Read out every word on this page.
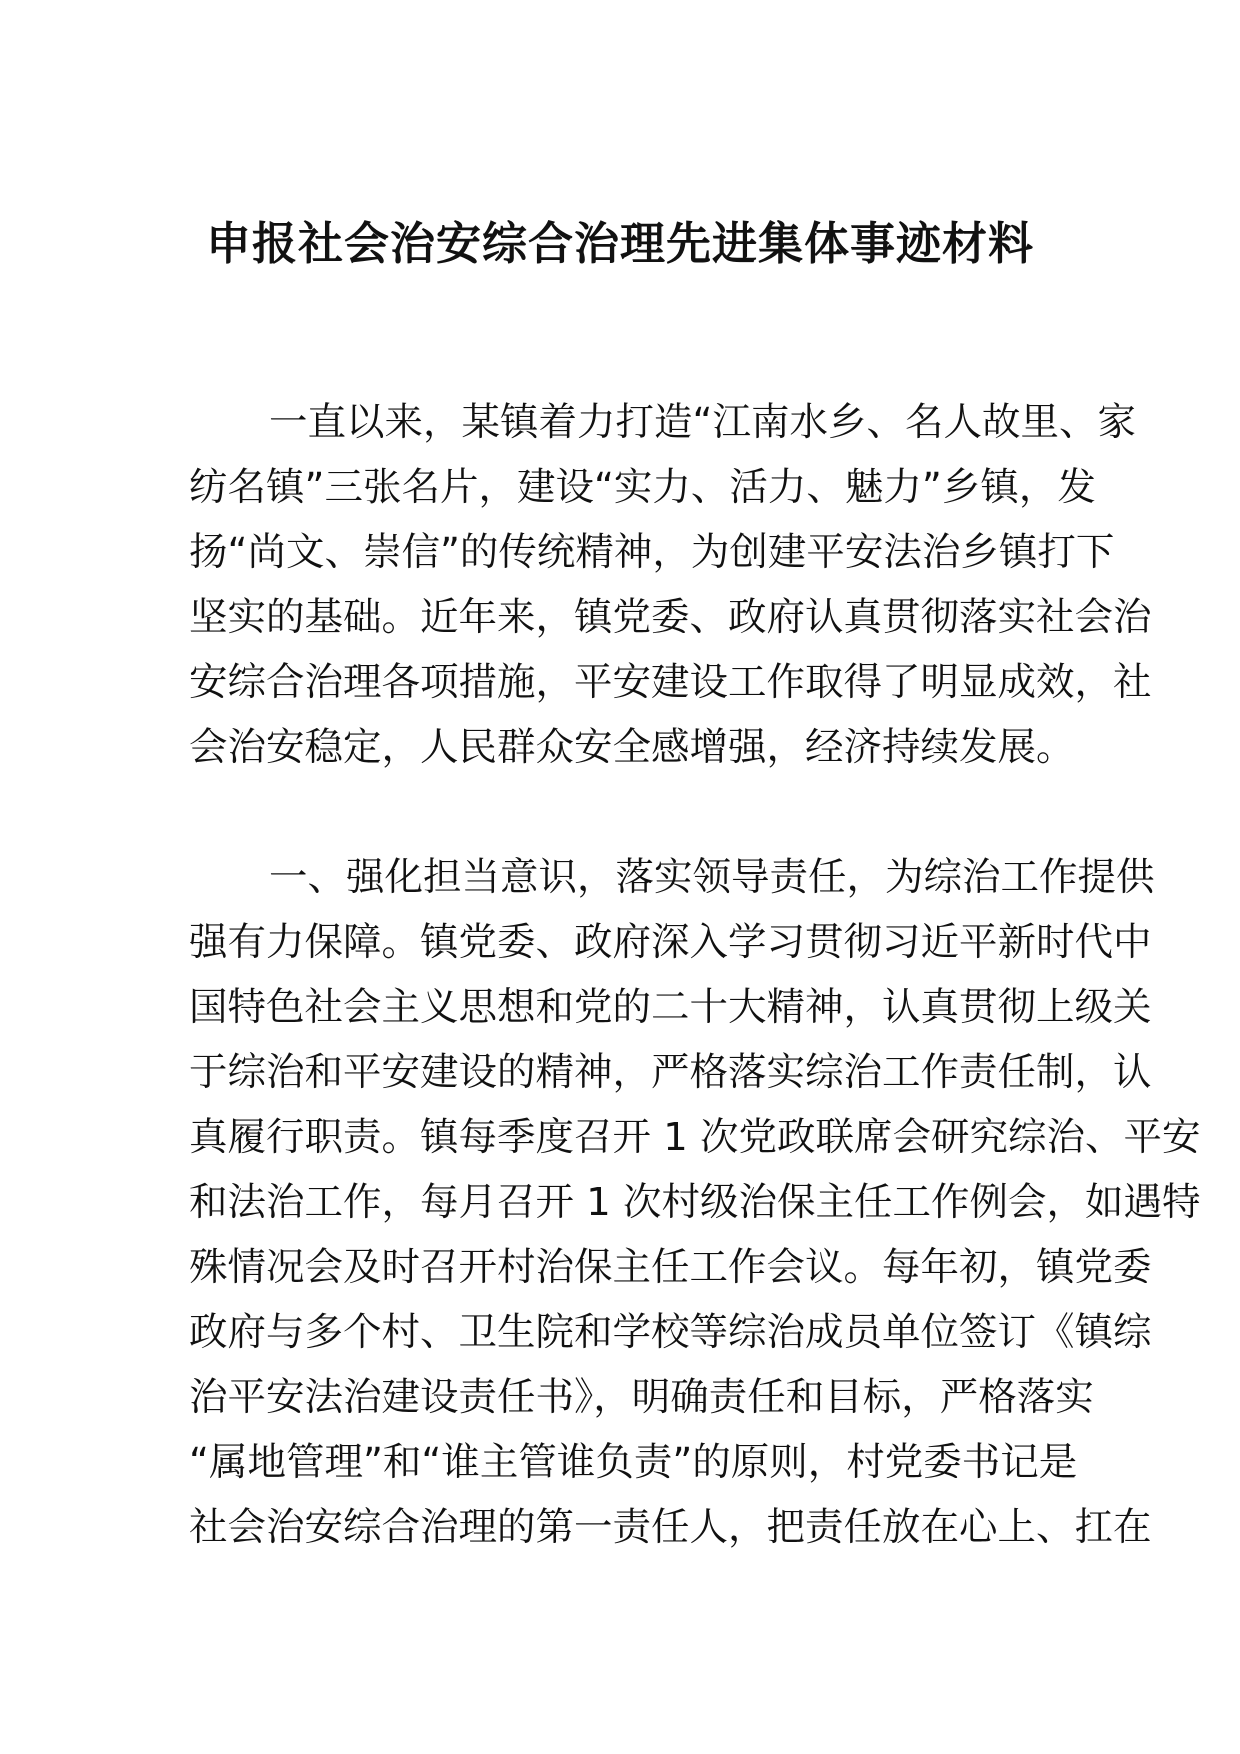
申报社会治安综合治理先进集体事迹材料
一直以来，某镇着力打造“江南水乡、名人故里、家
纺名镇”三张名片，建设“实力、活力、魅力”乡镇，发
扬“尚文、崇信”的传统精神，为创建平安法治乡镇打下
坚实的基础。近年来，镇党委、政府认真贯彻落实社会治
安综合治理各项措施，平安建设工作取得了明显成效，社
会治安稳定，人民群众安全感增强，经济持续发展。
一、强化担当意识，落实领导责任，为综治工作提供
强有力保障。镇党委、政府深入学习贯彻习近平新时代中
国特色社会主义思想和党的二十大精神，认真贯彻上级关
于综治和平安建设的精神，严格落实综治工作责任制，认
真履行职责。镇每季度召开 1 次党政联席会研究综治、平安
和法治工作，每月召开 1 次村级治保主任工作例会，如遇特
殊情况会及时召开村治保主任工作会议。每年初，镇党委
政府与多个村、卫生院和学校等综治成员单位签订《镇综
治平安法治建设责任书》，明确责任和目标，严格落实
“属地管理”和“谁主管谁负责”的原则，村党委书记是
社会治安综合治理的第一责任人，把责任放在心上、扛在
